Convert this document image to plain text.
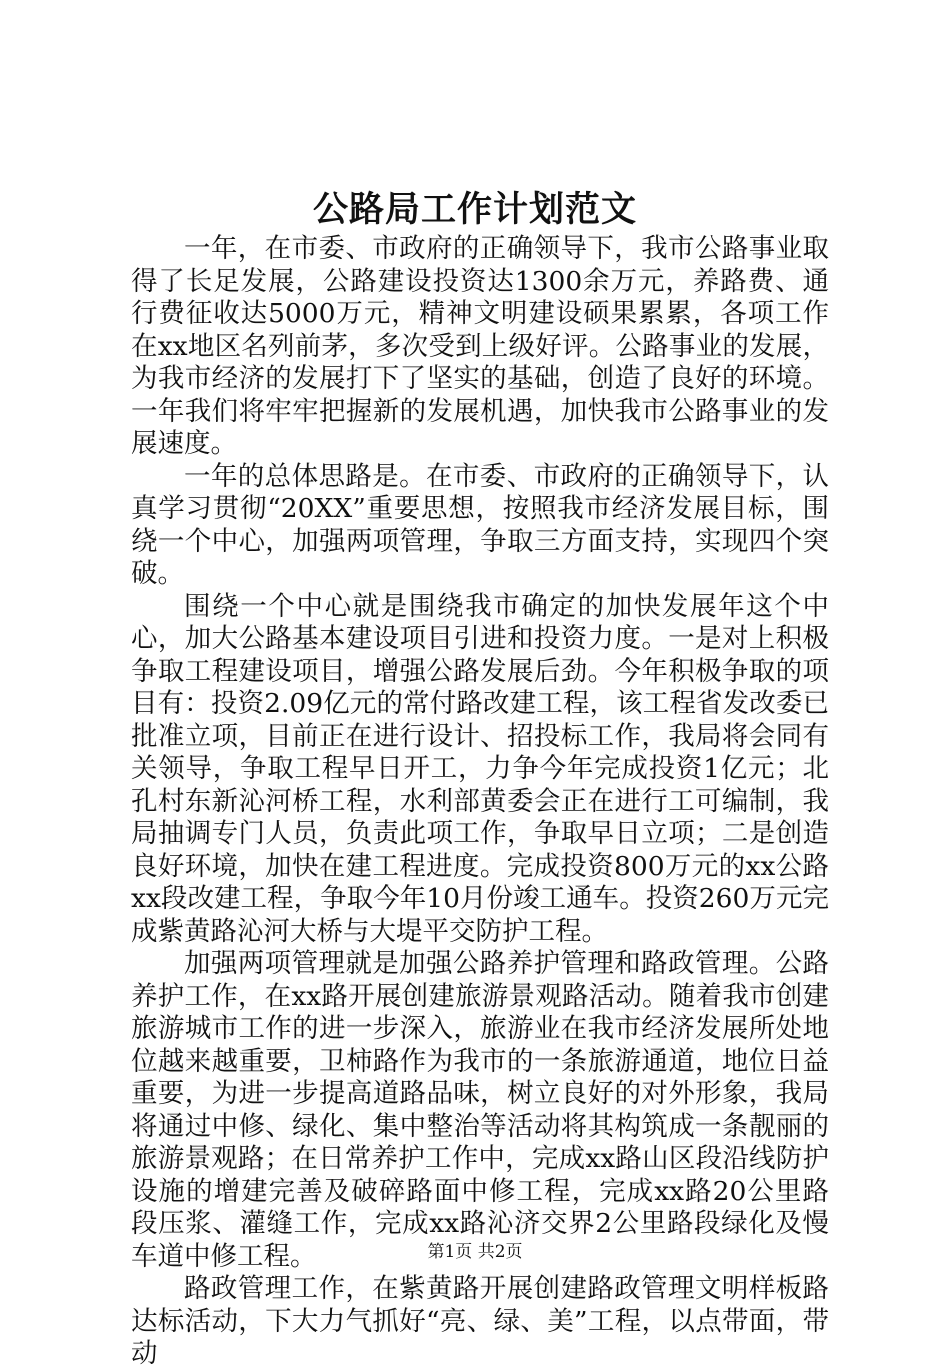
公路局工作计划范文

一年，在市委、市政府的正确领导下，我市公路事业取得了长足发展，公路建设投资达1300余万元，养路费、通行费征收达5000万元，精神文明建设硕果累累，各项工作在xx地区名列前茅，多次受到上级好评。公路事业的发展，为我市经济的发展打下了坚实的基础，创造了良好的环境。一年我们将牢牢把握新的发展机遇，加快我市公路事业的发展速度。

一年的总体思路是。在市委、市政府的正确领导下，认真学习贯彻“20XX”重要思想，按照我市经济发展目标，围绕一个中心，加强两项管理，争取三方面支持，实现四个突破。

围绕一个中心就是围绕我市确定的加快发展年这个中心，加大公路基本建设项目引进和投资力度。一是对上积极争取工程建设项目，增强公路发展后劲。今年积极争取的项目有：投资2.09亿元的常付路改建工程，该工程省发改委已批准立项，目前正在进行设计、招投标工作，我局将会同有关领导，争取工程早日开工，力争今年完成投资1亿元；北孔村东新沁河桥工程，水利部黄委会正在进行工可编制，我局抽调专门人员，负责此项工作，争取早日立项；二是创造良好环境，加快在建工程进度。完成投资800万元的xx公路xx段改建工程，争取今年10月份竣工通车。投资260万元完成紫黄路沁河大桥与大堤平交防护工程。

加强两项管理就是加强公路养护管理和路政管理。公路养护工作，在xx路开展创建旅游景观路活动。随着我市创建旅游城市工作的进一步深入，旅游业在我市经济发展所处地位越来越重要，卫柿路作为我市的一条旅游通道，地位日益重要，为进一步提高道路品味，树立良好的对外形象，我局将通过中修、绿化、集中整治等活动将其构筑成一条靓丽的旅游景观路；在日常养护工作中，完成xx路山区段沿线防护设施的增建完善及破碎路面中修工程，完成xx路20公里路段压浆、灌缝工作，完成xx路沁济交界2公里路段绿化及慢车道中修工程。

路政管理工作，在紫黄路开展创建路政管理文明样板路达标活动，下大力气抓好“亮、绿、美”工程，以点带面，带动

第1页 共2页
